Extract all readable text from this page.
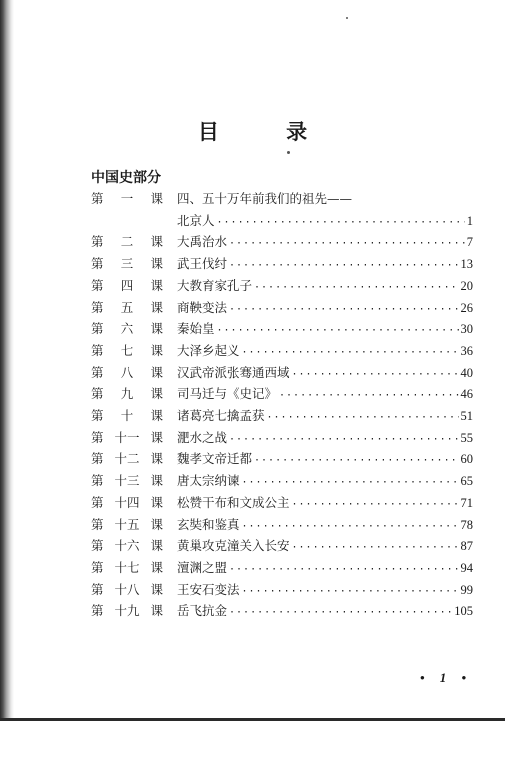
目 录
中国史部分
第 一 课 四、五十万年前我们的祖先——
北京人 ·····	1
第 二 课 大禹治水 ·····	7
第 三 课 武王伐纣 ·····	13
第 四 课 大教育家孔子 ·····	20
第 五 课 商鞅变法 ·····	26
第 六 课 秦始皇 ·····	30
第 七 课 大泽乡起义 ·····	36
第 八 课 汉武帝派张骞通西域 ·····	40
第 九 课 司马迁与《史记》 ·····	46
第 十 课 诸葛亮七擒孟获 ·····	51
第 十一 课 淝水之战 ·····	55
第 十二 课 魏孝文帝迁都 ·····	60
第 十三 课 唐太宗纳谏 ·····	65
第 十四 课 松赞干布和文成公主 ·····	71
第 十五 课 玄奘和鉴真 ·····	78
第 十六 课 黄巢攻克潼关入长安 ·····	87
第 十七 课 澶渊之盟 ·····	94
第 十八 课 王安石变法 ·····	99
第 十九 课 岳飞抗金 ·····	105
• 1 •
